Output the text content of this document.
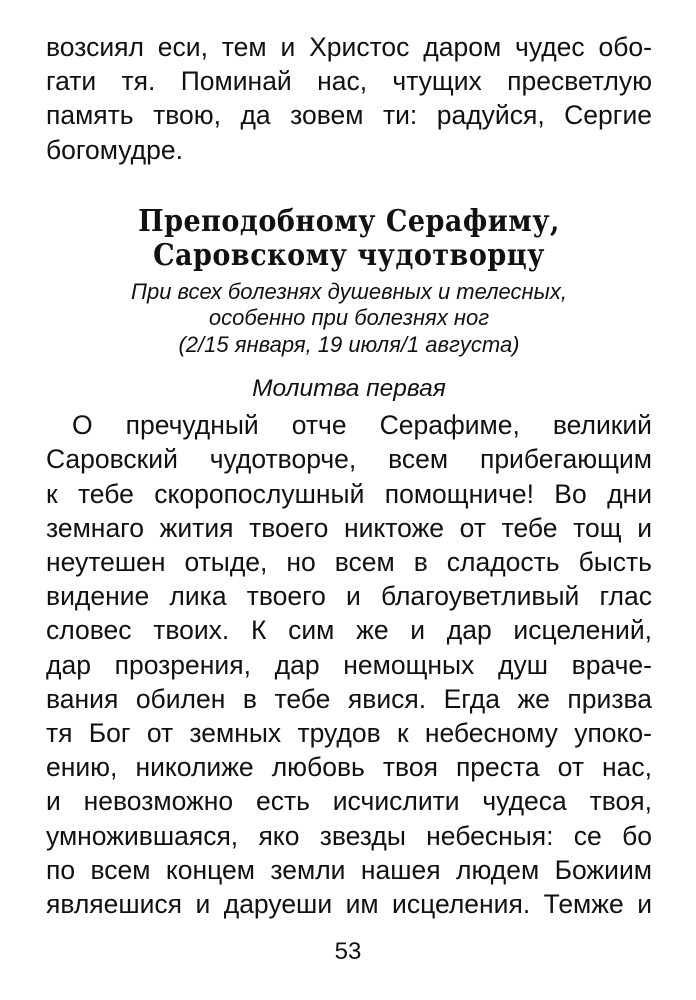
возсиял еси, тем и Христос даром чудес обо-
гати тя. Поминай нас, чтущих пресветлую
память твою, да зовем ти: радуйся, Сергие
богомудре.
Преподобному Серафиму,
Саровскому чудотворцу
При всех болезнях душевных и телесных,
особенно при болезнях ног
(2/15 января, 19 июля/1 августа)
Молитва первая
О пречудный отче Серафиме, великий
Саровский чудотворче, всем прибегающим
к тебе скоропослушный помощниче! Во дни
земнаго жития твоего никтоже от тебе тощ и
неутешен отыде, но всем в сладость бысть
видение лика твоего и благоуветливый глас
словес твоих. К сим же и дар исцелений,
дар прозрения, дар немощных душ враче-
вания обилен в тебе явися. Егда же призва
тя Бог от земных трудов к небесному упоко-
ению, николиже любовь твоя преста от нас,
и невозможно есть исчислити чудеса твоя,
умножившаяся, яко звезды небесныя: се бо
по всем концем земли нашея людем Божиим
являешися и даруеши им исцеления. Темже и
53
